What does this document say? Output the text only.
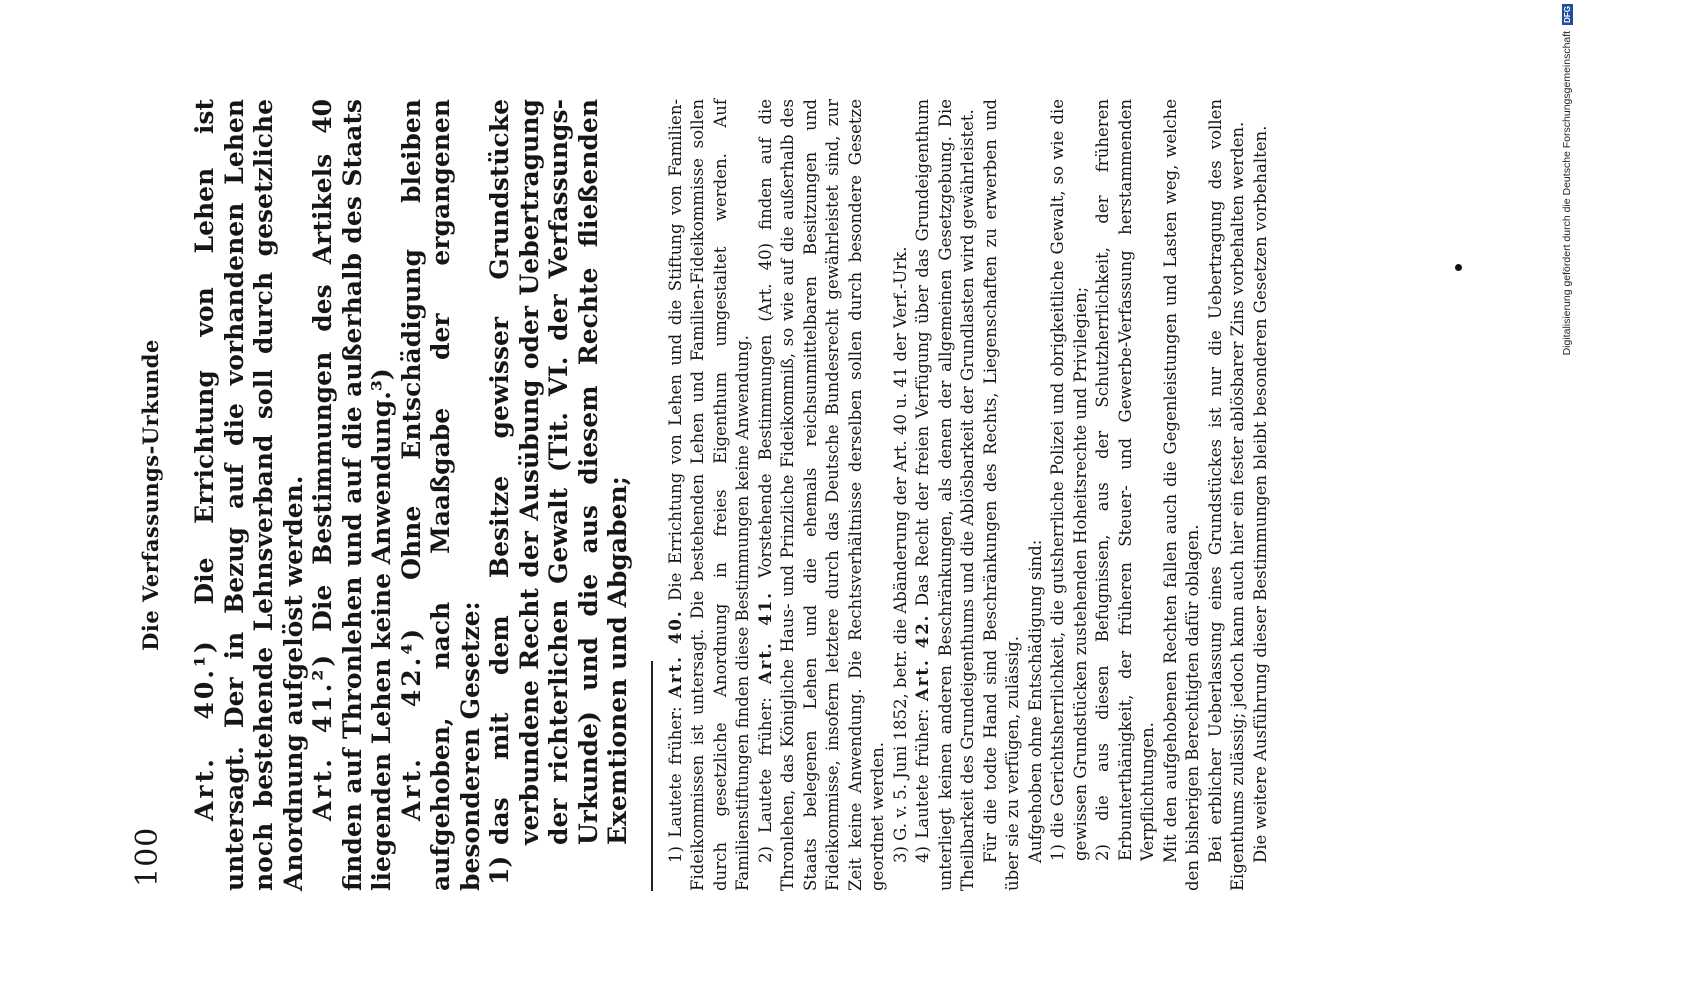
100
Die Verfassungs-Urkunde

Art. 40.¹) Die Errichtung von Lehen ist untersagt. Der in Bezug auf die vorhandenen Lehen noch bestehende Lehnsverband soll durch gesetzliche Anordnung aufgelöst werden. Art. 41.²) Die Bestimmungen des Artikels 40 finden auf Thronlehen und auf die außerhalb des Staats liegenden Lehen keine Anwendung.³) Art. 42.⁴) Ohne Entschädigung bleiben aufgehoben, nach Maaßgabe der ergangenen besonderen Gesetze: 1)
das mit dem Besitze gewisser Grundstücke verbundene Recht der Ausübung oder Uebertragung der richterlichen Gewalt (Tit. VI. der Verfassungs-Urkunde) und die aus diesem Rechte fließenden Exemtionen und Abgaben;

1) Lautete früher: Art. 40. Die Errichtung von Lehen und die Stiftung von Familien-Fideikommissen ist untersagt. Die bestehenden Lehen und Familien-Fideikommisse sollen durch gesetzliche Anordnung in freies Eigenthum umgestaltet werden. Auf Familienstiftungen finden diese Bestimmungen keine Anwendung. 2) Lautete früher: Art. 41. Vorstehende Bestimmungen (Art. 40) finden auf die Thronlehen, das Königliche Haus- und Prinzliche Fideikommiß, so wie auf die außerhalb des Staats belegenen Lehen und die ehemals reichsunmittelbaren Besitzungen und Fideikommisse, insofern letztere durch das Deutsche Bundesrecht gewährleistet sind, zur Zeit keine Anwendung. Die Rechtsverhältnisse derselben sollen durch besondere Gesetze geordnet werden. 3) G. v. 5. Juni 1852, betr. die Abänderung der Art. 40 u. 41 der Verf.-Urk.

4) Lautete früher: Art. 42. Das Recht der freien Verfügung über das Grundeigenthum unterliegt keinen anderen Beschränkungen, als denen der allgemeinen Gesetzgebung. Die Theilbarkeit des Grundeigenthums und die Ablösbarkeit der Grundlasten wird gewährleistet. Für die todte Hand sind Beschränkungen des Rechts, Liegenschaften zu erwerben und über sie zu verfügen, zulässig. Aufgehoben ohne Entschädigung sind: 1) die Gerichtsherrlichkeit, die gutsherrliche Polizei und obrigkeitliche Gewalt, so wie die gewissen Grundstücken zustehenden Hoheitsrechte und Privilegien; 2) die aus diesen Befugnissen, aus der Schutzherrlichkeit, der früheren Erbunterthänigkeit, der früheren Steuer- und Gewerbe-Verfassung herstammenden Verpflichtungen. Mit den aufgehobenen Rechten fallen auch die Gegenleistungen und Lasten weg, welche den bisherigen Berechtigten dafür oblagen. Bei erblicher Ueberlassung eines Grundstückes ist nur die Uebertragung des vollen Eigenthums zulässig; jedoch kann auch hier ein fester ablösbarer Zins vorbehalten werden. Die weitere Ausführung dieser Bestimmungen bleibt besonderen Gesetzen vorbehalten.

DFG
Digitalisierung gefördert durch die Deutsche Forschungsgemeinschaft
